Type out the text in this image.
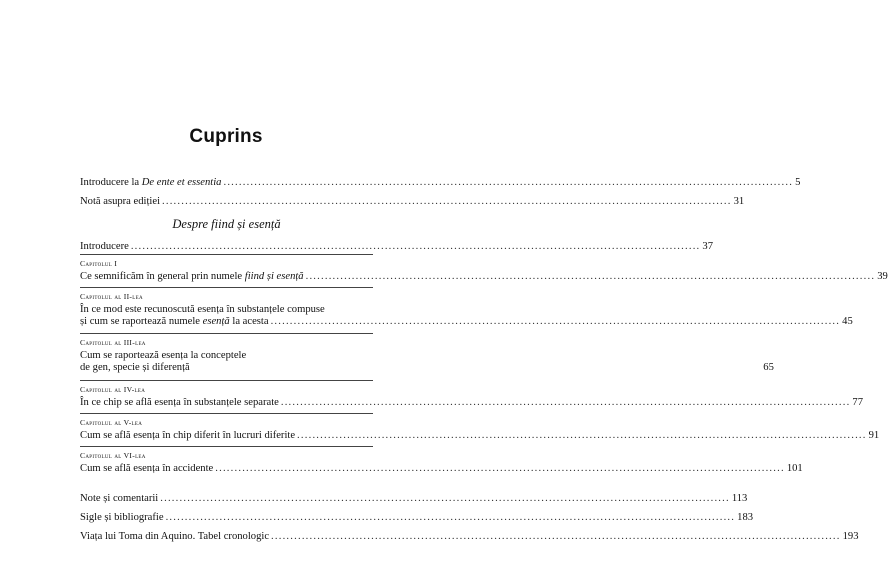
Cuprins
Introducere la De ente et essentia .................................................................................................................................................... 5
Notă asupra ediției .................................................................................................................................................... 31
Despre fiind și esență
Introducere .................................................................................................................................................... 37
Capitolul I
Ce semnificăm în general prin numele fiind și esență .................................................................................................................................................... 39
Capitolul al II-lea
În ce mod este recunoscută esența în substanțele compuse
și cum se raportează numele esență la acesta .................................................................................................................................................... 45
Capitolul al III-lea
Cum se raportează esența la conceptele
de gen, specie și diferență	65
Capitolul al IV-lea
În ce chip se află esența în substanțele separate .................................................................................................................................................... 77
Capitolul al V-lea
Cum se află esența în chip diferit în lucruri diferite .................................................................................................................................................... 91
Capitolul al VI-lea
Cum se află esența în accidente .................................................................................................................................................... 101
Note și comentarii .................................................................................................................................................... 113
Sigle și bibliografie .................................................................................................................................................... 183
Viața lui Toma din Aquino. Tabel cronologic .................................................................................................................................................... 193
